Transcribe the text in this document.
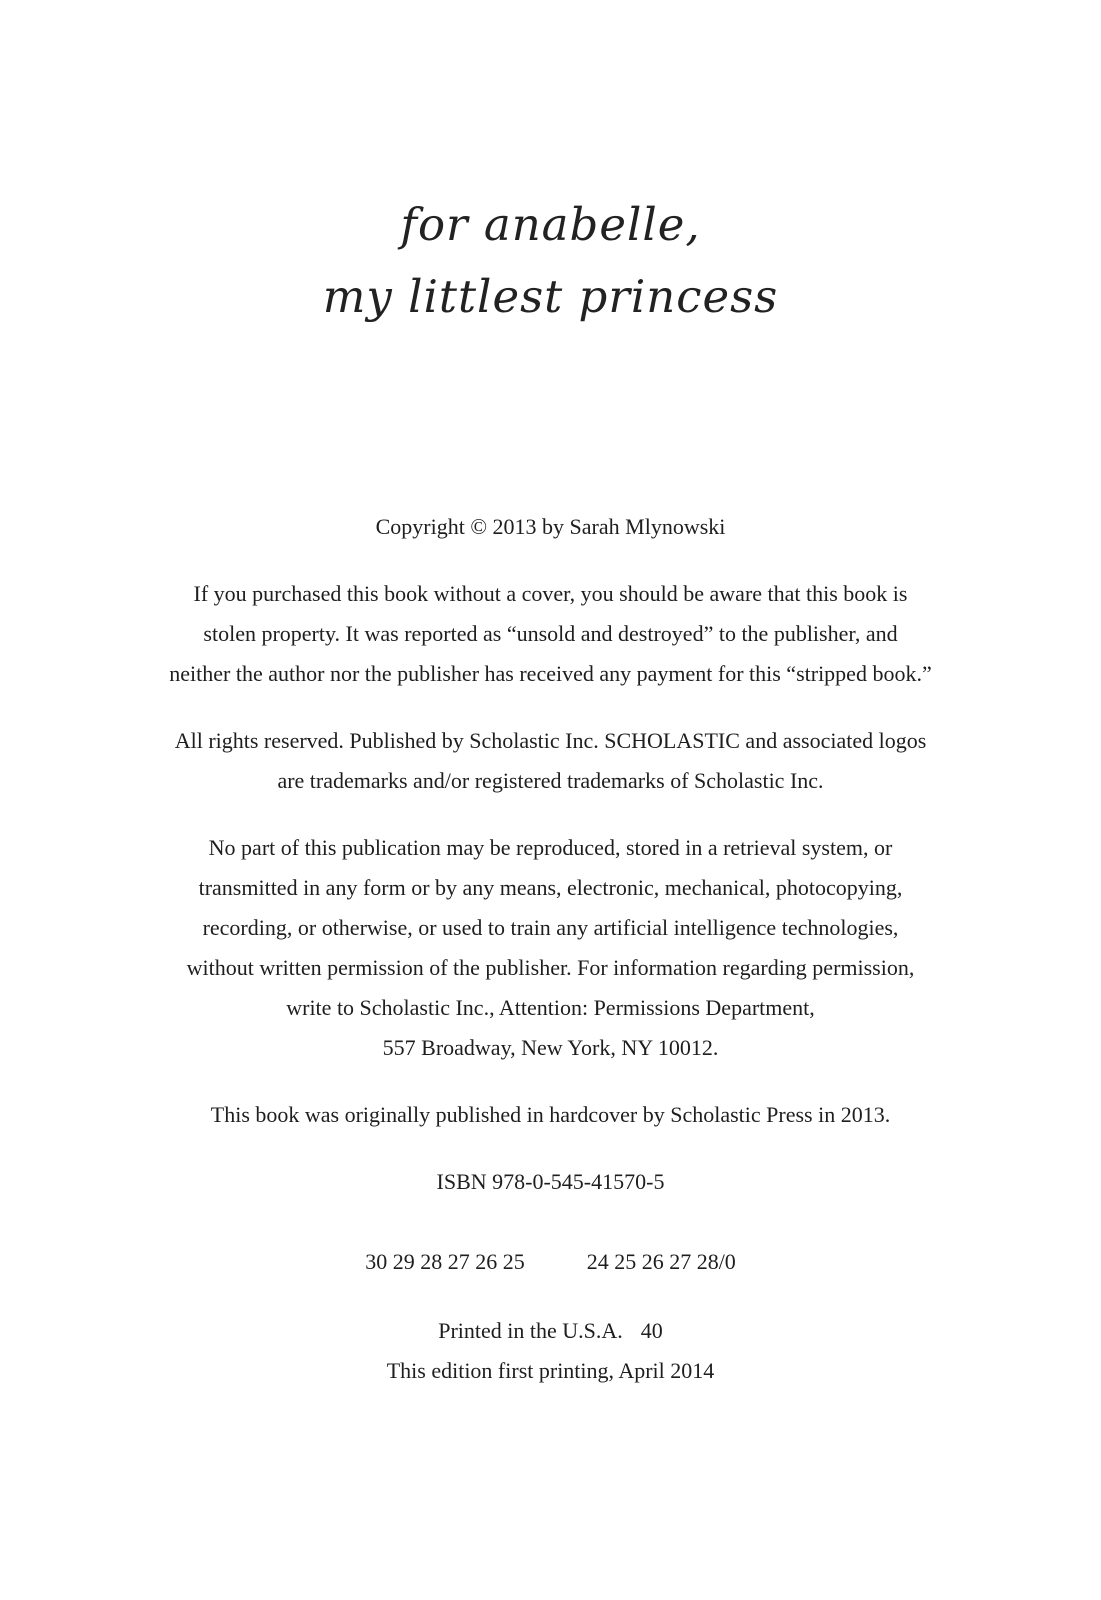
for anabelle,
my littlest princess
Copyright © 2013 by Sarah Mlynowski
If you purchased this book without a cover, you should be aware that this book is
stolen property. It was reported as “unsold and destroyed” to the publisher, and
neither the author nor the publisher has received any payment for this “stripped book.”
All rights reserved. Published by Scholastic Inc. SCHOLASTIC and associated logos
are trademarks and/or registered trademarks of Scholastic Inc.
No part of this publication may be reproduced, stored in a retrieval system, or
transmitted in any form or by any means, electronic, mechanical, photocopying,
recording, or otherwise, or used to train any artificial intelligence technologies,
without written permission of the publisher. For information regarding permission,
write to Scholastic Inc., Attention: Permissions Department,
557 Broadway, New York, NY 10012.
This book was originally published in hardcover by Scholastic Press in 2013.
ISBN 978-0-545-41570-5
30 29 28 27 26 25	24 25 26 27 28/0
Printed in the U.S.A. 40
This edition first printing, April 2014
